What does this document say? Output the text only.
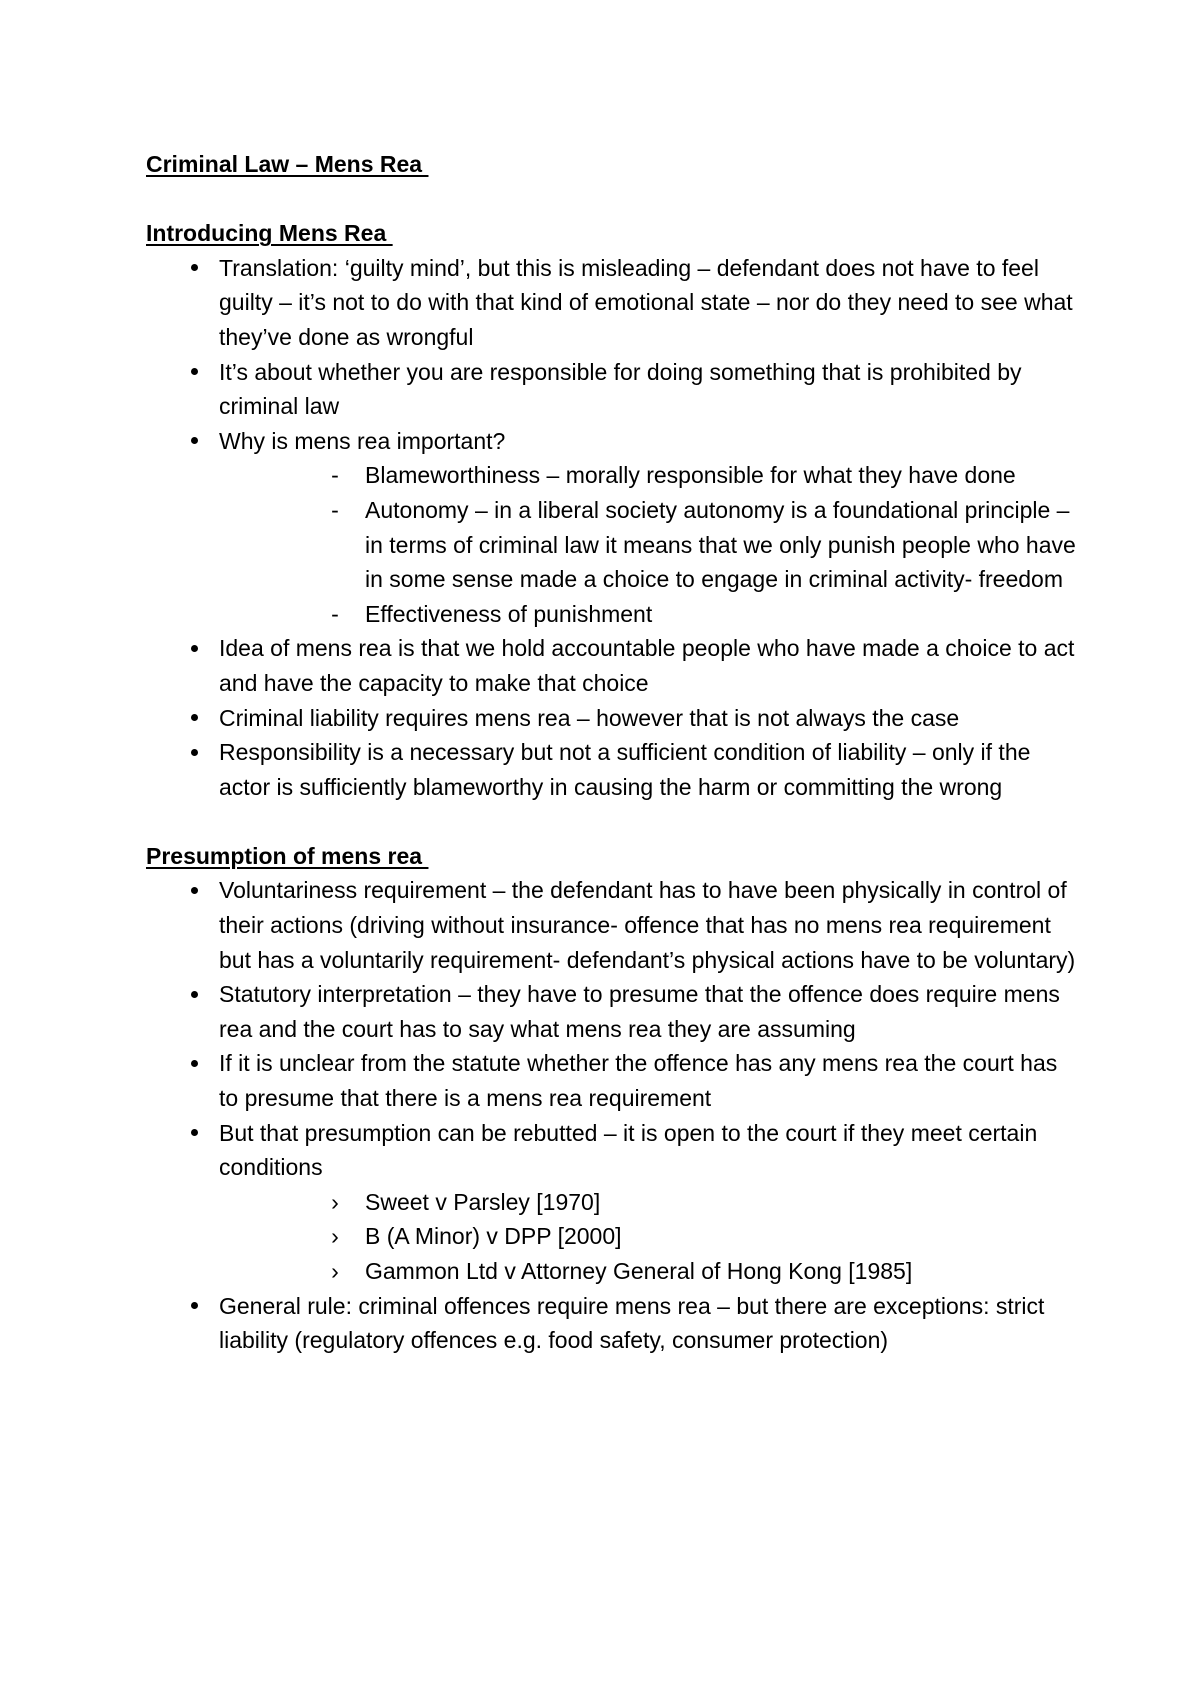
Criminal Law – Mens Rea

Introducing Mens Rea

Translation: ‘guilty mind’, but this is misleading – defendant does not have to feel guilty – it’s not to do with that kind of emotional state – nor do they need to see what they’ve done as wrongful
It’s about whether you are responsible for doing something that is prohibited by criminal law
Why is mens rea important?
- Blameworthiness – morally responsible for what they have done
- Autonomy – in a liberal society autonomy is a foundational principle – in terms of criminal law it means that we only punish people who have in some sense made a choice to engage in criminal activity- freedom
- Effectiveness of punishment
Idea of mens rea is that we hold accountable people who have made a choice to act and have the capacity to make that choice
Criminal liability requires mens rea – however that is not always the case
Responsibility is a necessary but not a sufficient condition of liability – only if the actor is sufficiently blameworthy in causing the harm or committing the wrong

Presumption of mens rea

Voluntariness requirement – the defendant has to have been physically in control of their actions (driving without insurance- offence that has no mens rea requirement but has a voluntarily requirement- defendant’s physical actions have to be voluntary)
Statutory interpretation – they have to presume that the offence does require mens rea and the court has to say what mens rea they are assuming
If it is unclear from the statute whether the offence has any mens rea the court has to presume that there is a mens rea requirement
But that presumption can be rebutted – it is open to the court if they meet certain conditions
› Sweet v Parsley [1970]
› B (A Minor) v DPP [2000]
› Gammon Ltd v Attorney General of Hong Kong [1985]
General rule: criminal offences require mens rea – but there are exceptions: strict liability (regulatory offences e.g. food safety, consumer protection)
